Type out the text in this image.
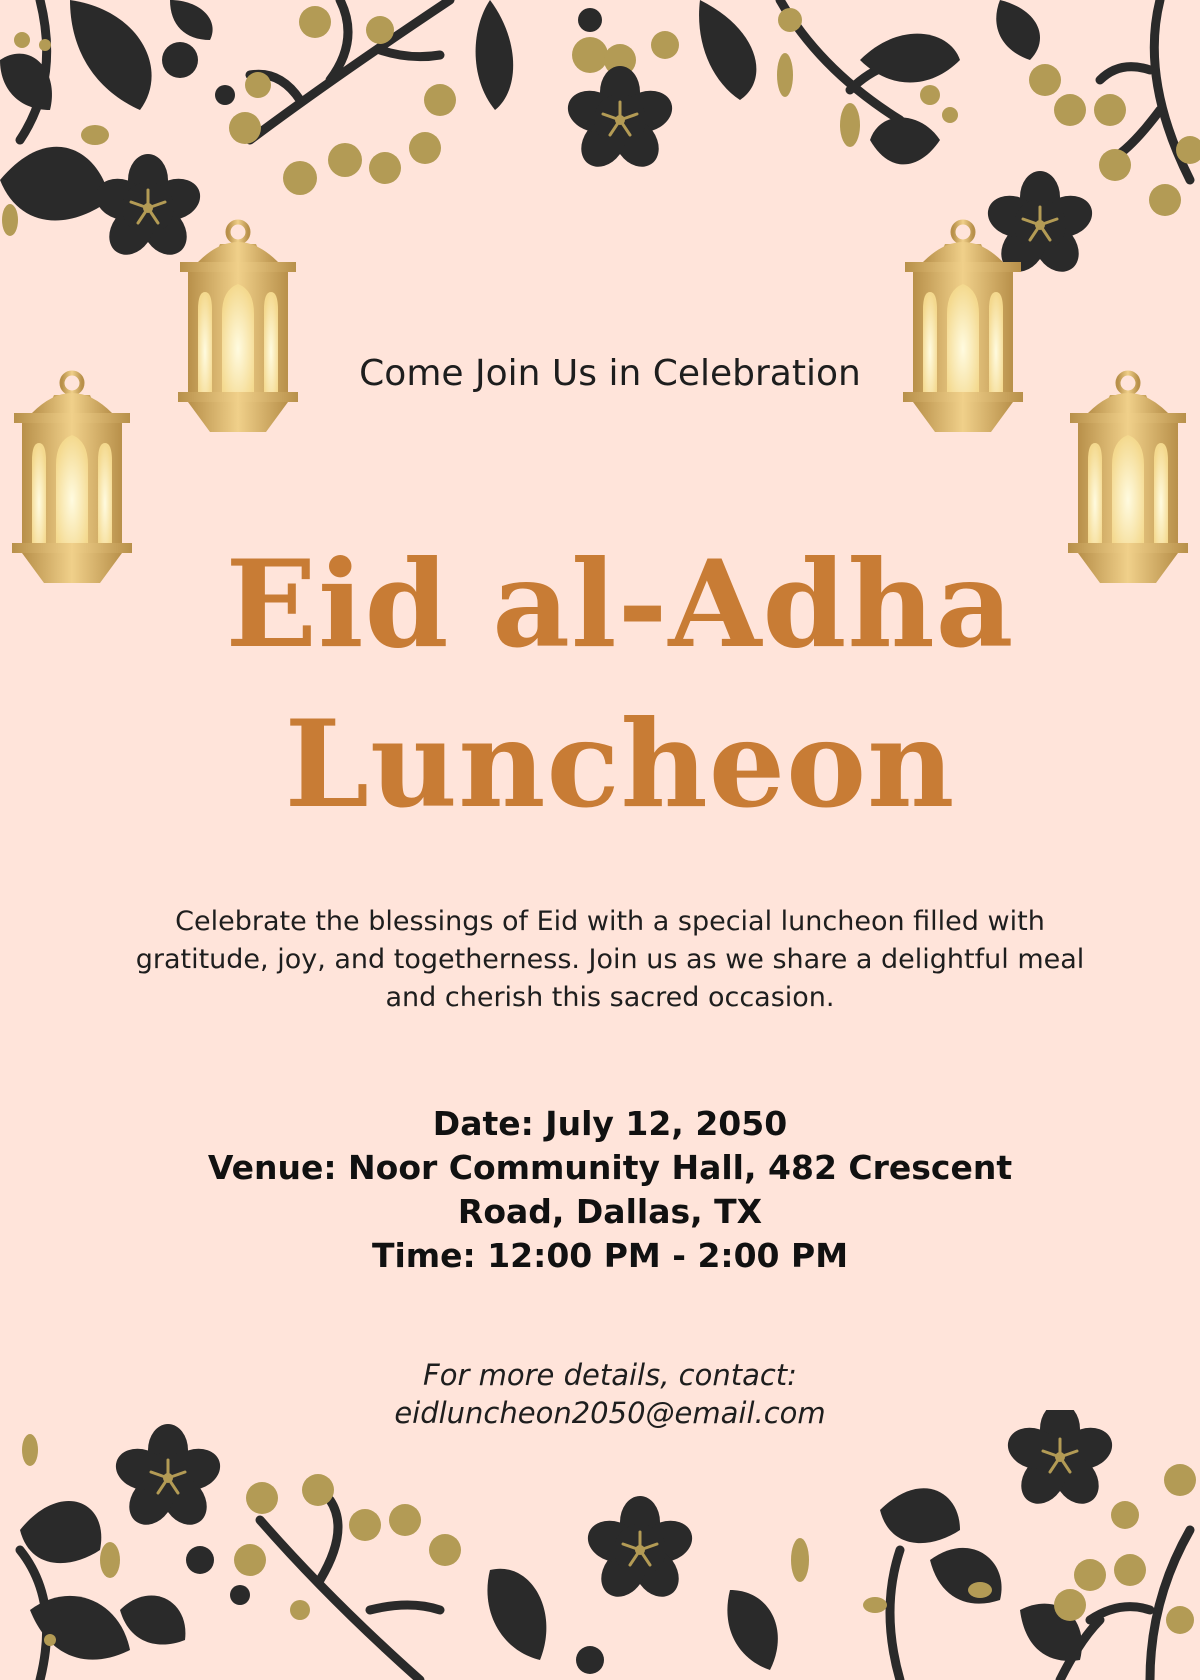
Come Join Us in Celebration

Eid al-Adha Luncheon

Celebrate the blessings of Eid with a special luncheon filled with gratitude, joy, and togetherness. Join us as we share a delightful meal and cherish this sacred occasion.

Date: July 12, 2050
Venue: Noor Community Hall, 482 Crescent Road, Dallas, TX
Time: 12:00 PM - 2:00 PM
For more details, contact:
eidluncheon2050@email.com
